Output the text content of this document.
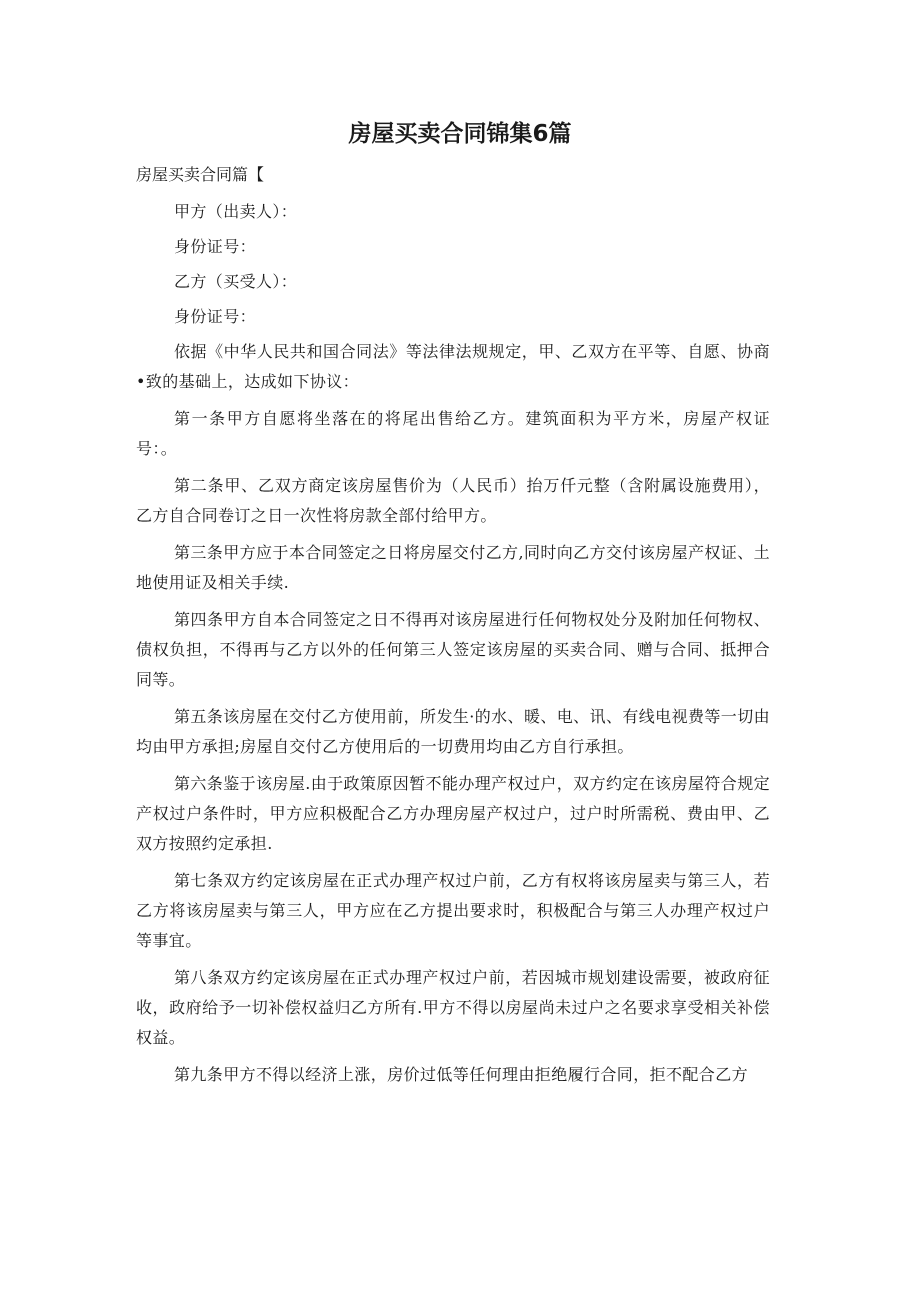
房屋买卖合同锦集6篇

房屋买卖合同篇【

甲方（出卖人）：

身份证号：

乙方（买受人）：

身份证号：

依据《中华人民共和国合同法》等法律法规规定，甲、乙双方在平等、自愿、协商•致的基础上，达成如下协议：

第一条甲方自愿将坐落在的将尾出售给乙方。建筑面积为平方米，房屋产权证号：。

第二条甲、乙双方商定该房屋售价为（人民币）抬万仟元整（含附属设施费用），乙方自合同卷订之日一次性将房款全部付给甲方。

第三条甲方应于本合同签定之日将房屋交付乙方,同时向乙方交付该房屋产权证、土地使用证及相关手续.

第四条甲方自本合同签定之日不得再对该房屋进行任何物权处分及附加任何物权、债权负担，不得再与乙方以外的任何第三人签定该房屋的买卖合同、赠与合同、抵押合同等。

第五条该房屋在交付乙方使用前，所发生·的水、暖、电、讯、有线电视费等一切由均由甲方承担;房屋自交付乙方使用后的一切费用均由乙方自行承担。

第六条鉴于该房屋.由于政策原因暂不能办理产权过户，双方约定在该房屋符合规定产权过户条件时，甲方应积极配合乙方办理房屋产权过户，过户时所需税、费由甲、乙双方按照约定承担.

第七条双方约定该房屋在正式办理产权过户前，乙方有权将该房屋卖与第三人，若乙方将该房屋卖与第三人，甲方应在乙方提出要求时，积极配合与第三人办理产权过户等事宜。

第八条双方约定该房屋在正式办理产权过户前，若因城市规划建设需要，被政府征收，政府给予一切补偿权益归乙方所有.甲方不得以房屋尚未过户之名要求享受相关补偿权益。

第九条甲方不得以经济上涨，房价过低等任何理由拒绝履行合同，拒不配合乙方
